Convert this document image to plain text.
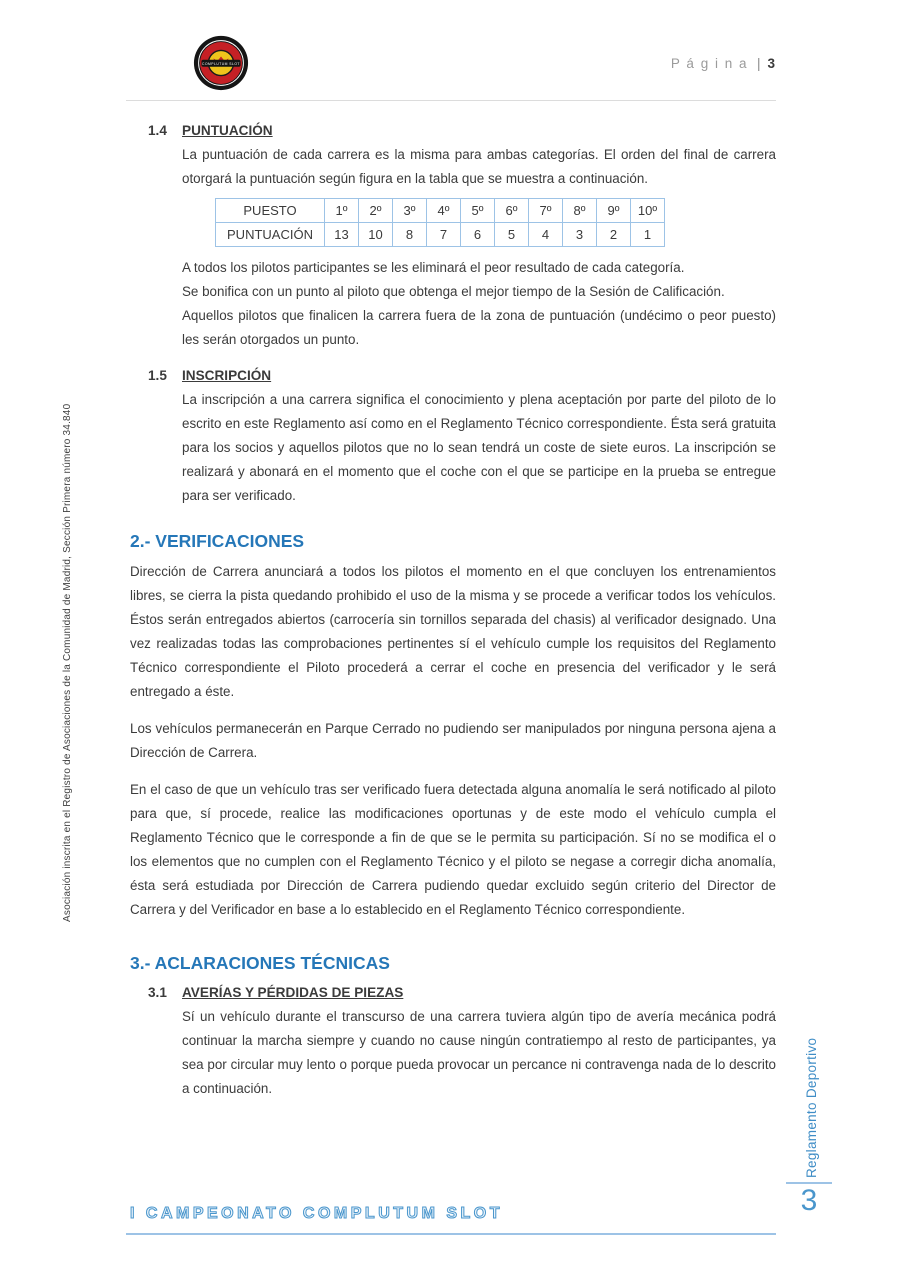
COMPLUTUM SLOT	P á g i n a | 3
Asociación inscrita en el Registro de Asociaciones de la Comunidad de Madrid, Sección Primera número 34.840
Reglamento Deportivo
1.4	PUNTUACIÓN

La puntuación de cada carrera es la misma para ambas categorías. El orden del final de carrera otorgará la puntuación según figura en la tabla que se muestra a continuación.

PUESTO	1º	2º	3º	4º	5º	6º	7º	8º	9º	10º
PUNTUACIÓN	13	10	8	7	6	5	4	3	2	1

A todos los pilotos participantes se les eliminará el peor resultado de cada categoría.

Se bonifica con un punto al piloto que obtenga el mejor tiempo de la Sesión de Calificación.

Aquellos pilotos que finalicen la carrera fuera de la zona de puntuación (undécimo o peor puesto) les serán otorgados un punto.

1.5	INSCRIPCIÓN

La inscripción a una carrera significa el conocimiento y plena aceptación por parte del piloto de lo escrito en este Reglamento así como en el Reglamento Técnico correspondiente. Ésta será gratuita para los socios y aquellos pilotos que no lo sean tendrá un coste de siete euros. La inscripción se realizará y abonará en el momento que el coche con el que se participe en la prueba se entregue para ser verificado.

2.- VERIFICACIONES

Dirección de Carrera anunciará a todos los pilotos el momento en el que concluyen los entrenamientos libres, se cierra la pista quedando prohibido el uso de la misma y se procede a verificar todos los vehículos. Éstos serán entregados abiertos (carrocería sin tornillos separada del chasis) al verificador designado. Una vez realizadas todas las comprobaciones pertinentes sí el vehículo cumple los requisitos del Reglamento Técnico correspondiente el Piloto procederá a cerrar el coche en presencia del verificador y le será entregado a éste.

Los vehículos permanecerán en Parque Cerrado no pudiendo ser manipulados por ninguna persona ajena a Dirección de Carrera.

En el caso de que un vehículo tras ser verificado fuera detectada alguna anomalía le será notificado al piloto para que, sí procede, realice las modificaciones oportunas y de este modo el vehículo cumpla el Reglamento Técnico que le corresponde a fin de que se le permita su participación. Sí no se modifica el o los elementos que no cumplen con el Reglamento Técnico y el piloto se negase a corregir dicha anomalía, ésta será estudiada por Dirección de Carrera pudiendo quedar excluido según criterio del Director de Carrera y del Verificador en base a lo establecido en el Reglamento Técnico correspondiente.

3.- ACLARACIONES TÉCNICAS
3.1	AVERÍAS Y PÉRDIDAS DE PIEZAS

Sí un vehículo durante el transcurso de una carrera tuviera algún tipo de avería mecánica podrá continuar la marcha siempre y cuando no cause ningún contratiempo al resto de participantes, ya sea por circular muy lento o porque pueda provocar un percance ni contravenga nada de lo descrito a continuación.

I CAMPEONATO COMPLUTUM SLOT	3
